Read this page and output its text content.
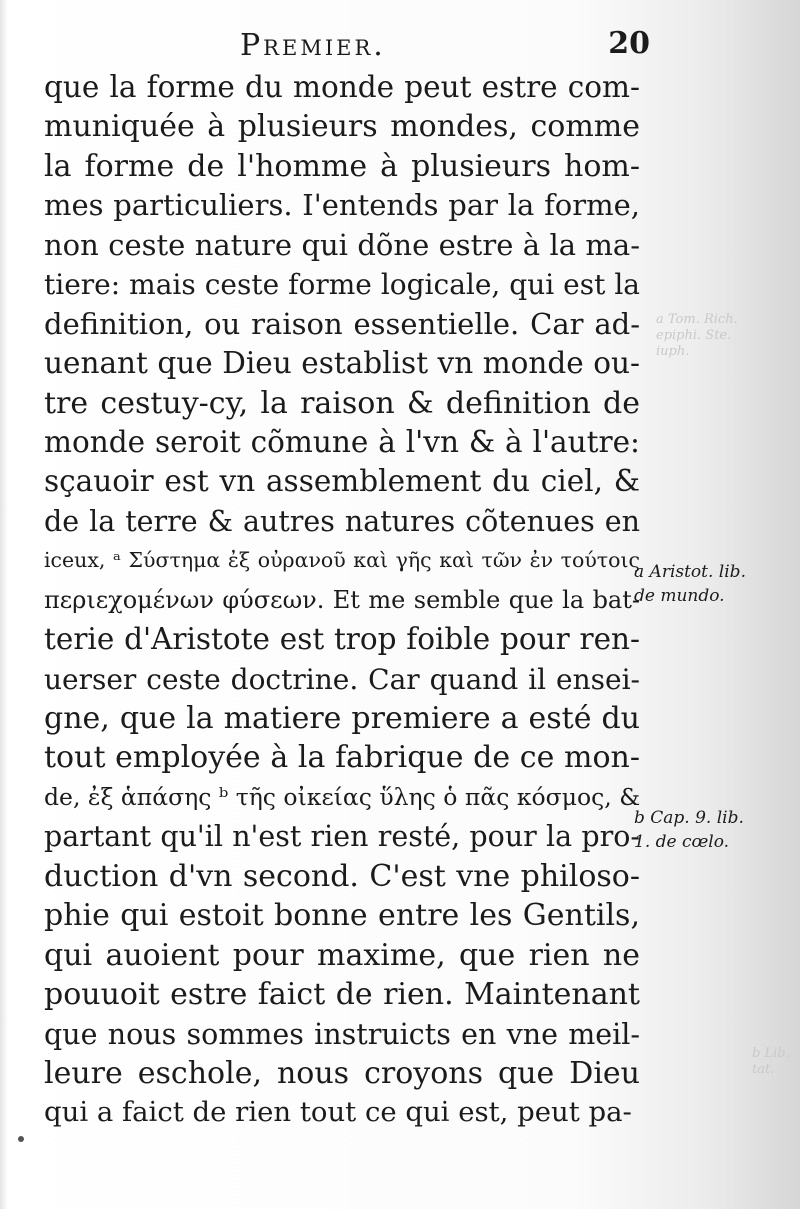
Premier.	20
que la forme du monde peut estre com-
muniquée à plusieurs mondes, comme
la forme de l'homme à plusieurs hom-
mes particuliers. I'entends par la forme,
non ceste nature qui dõne estre à la ma-
tiere: mais ceste forme logicale, qui est la
definition, ou raison essentielle. Car ad-
uenant que Dieu establist vn monde ou-
tre cestuy-cy, la raison & definition de
monde seroit cõmune à l'vn & à l'autre:
sçauoir est vn assemblement du ciel, &
de la terre & autres natures cõtenues en
iceux, ᵃ Σύστημα ἐξ οὐρανοῦ καὶ γῆς καὶ τῶν ἐν τούτοις
περιεχομένων φύσεων. Et me semble que la bat-
terie d'Aristote est trop foible pour ren-
uerser ceste doctrine. Car quand il ensei-
gne, que la matiere premiere a esté du
tout employée à la fabrique de ce mon-
de, ἐξ ἁπάσης ᵇ τῆς οἰκείας ὕλης ὁ πᾶς κόσμος, &
partant qu'il n'est rien resté, pour la pro-
duction d'vn second. C'est vne philoso-
phie qui estoit bonne entre les Gentils,
qui auoient pour maxime, que rien ne
pouuoit estre faict de rien. Maintenant
que nous sommes instruicts en vne meil-
leure eschole, nous croyons que Dieu
qui a faict de rien tout ce qui est, peut pa-
a Aristot. lib.
de mundo.
b Cap. 9. lib.
1. de cœlo.
a Tom. Rich.
epiphi. Ste.
iuph.
b Lib.
tat.
